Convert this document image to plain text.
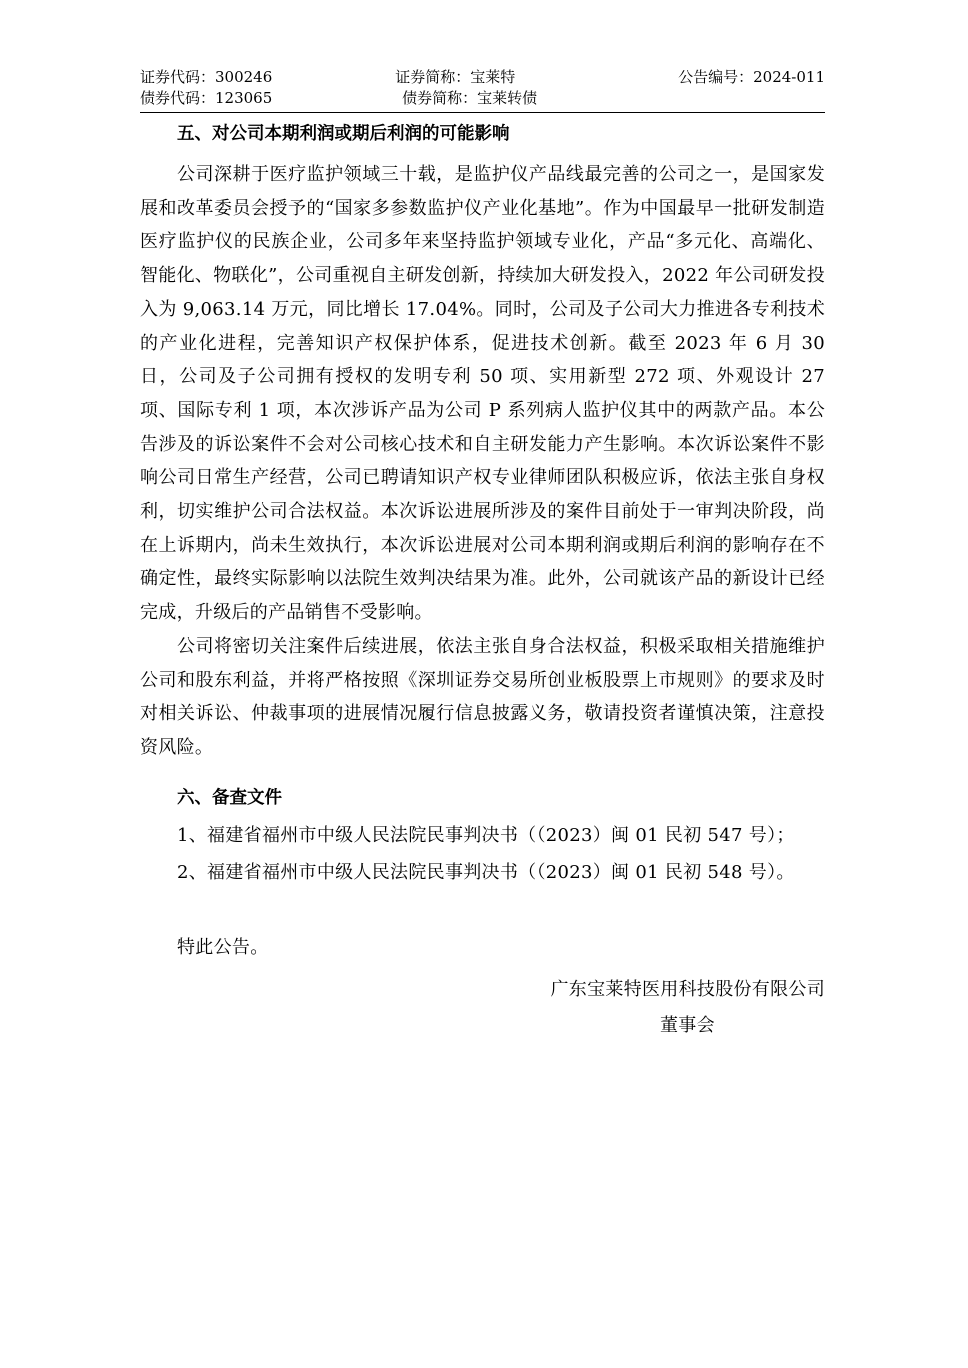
证券代码：300246	证券简称：宝莱特	公告编号：2024-011
债券代码：123065	债券简称：宝莱转债
五、对公司本期利润或期后利润的可能影响

公司深耕于医疗监护领域三十载，是监护仪产品线最完善的公司之一，是国家发展和改革委员会授予的“国家多参数监护仪产业化基地”。作为中国最早一批研发制造医疗监护仪的民族企业，公司多年来坚持监护领域专业化，产品“多元化、高端化、智能化、物联化”，公司重视自主研发创新，持续加大研发投入，2022 年公司研发投入为 9,063.14 万元，同比增长 17.04%。同时，公司及子公司大力推进各专利技术的产业化进程，完善知识产权保护体系，促进技术创新。截至 2023 年 6 月 30 日，公司及子公司拥有授权的发明专利 50 项、实用新型 272 项、外观设计 27 项、国际专利 1 项，本次涉诉产品为公司 P 系列病人监护仪其中的两款产品。本公告涉及的诉讼案件不会对公司核心技术和自主研发能力产生影响。本次诉讼案件不影响公司日常生产经营，公司已聘请知识产权专业律师团队积极应诉，依法主张自身权利，切实维护公司合法权益。本次诉讼进展所涉及的案件目前处于一审判决阶段，尚在上诉期内，尚未生效执行，本次诉讼进展对公司本期利润或期后利润的影响存在不确定性，最终实际影响以法院生效判决结果为准。此外，公司就该产品的新设计已经完成，升级后的产品销售不受影响。

公司将密切关注案件后续进展，依法主张自身合法权益，积极采取相关措施维护公司和股东利益，并将严格按照《深圳证券交易所创业板股票上市规则》的要求及时对相关诉讼、仲裁事项的进展情况履行信息披露义务，敬请投资者谨慎决策，注意投资风险。

六、备查文件

1、福建省福州市中级人民法院民事判决书（（2023）闽 01 民初 547 号）；

2、福建省福州市中级人民法院民事判决书（（2023）闽 01 民初 548 号）。

特此公告。

广东宝莱特医用科技股份有限公司

董事会
